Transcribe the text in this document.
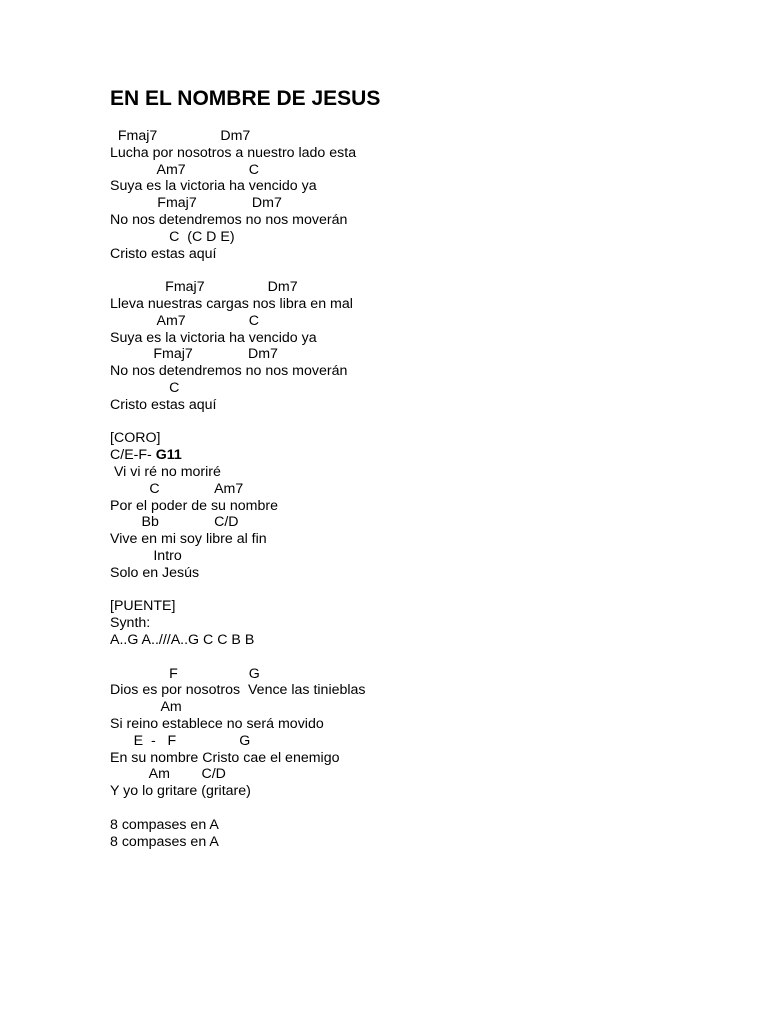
EN EL NOMBRE DE JESUS
Fmaj7                Dm7
Lucha por nosotros a nuestro lado esta
Am7                C
Suya es la victoria ha vencido ya
Fmaj7              Dm7
No nos detendremos no nos moverán
C  (C D E)
Cristo estas aquí
Fmaj7                Dm7
Lleva nuestras cargas nos libra en mal
Am7                C
Suya es la victoria ha vencido ya
Fmaj7              Dm7
No nos detendremos no nos moverán
C
Cristo estas aquí
[CORO]
C/E-F- G11
Vi vi ré no moriré
C              Am7
Por el poder de su nombre
Bb              C/D
Vive en mi soy libre al fin
Intro
Solo en Jesús
[PUENTE]
Synth:
A..G A..///A..G C C B B
F                  G
Dios es por nosotros  Vence las tinieblas
Am
Si reino establece no será movido
E  -   F                G
En su nombre Cristo cae el enemigo
Am        C/D
Y yo lo gritare (gritare)
8 compases en A
8 compases en A
